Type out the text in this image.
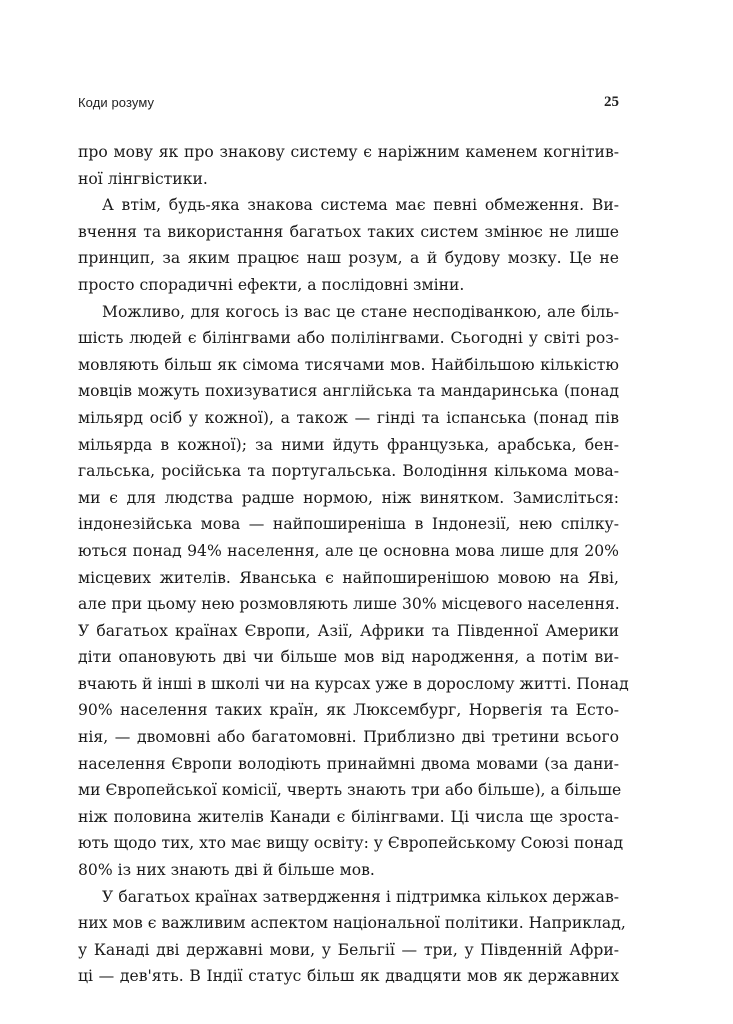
Коди розуму	25
про мову як про знакову систему є наріжним каменем когнітив-
ної лінгвістики.
А втім, будь-яка знакова система має певні обмеження. Ви-
вчення та використання багатьох таких систем змінює не лише
принцип, за яким працює наш розум, а й будову мозку. Це не
просто спорадичні ефекти, а послідовні зміни.
Можливо, для когось із вас це стане несподіванкою, але біль-
шість людей є білінгвами або полілінгвами. Сьогодні у світі роз-
мовляють більш як сімома тисячами мов. Найбільшою кількістю
мовців можуть похизуватися англійська та мандаринська (понад
мільярд осіб у кожної), а також — гінді та іспанська (понад пів
мільярда в кожної); за ними йдуть французька, арабська, бен-
гальська, російська та португальська. Володіння кількома мова-
ми є для людства радше нормою, ніж винятком. Замисліться:
індонезійська мова — найпоширеніша в Індонезії, нею спілку-
ються понад 94% населення, але це основна мова лише для 20%
місцевих жителів. Яванська є найпоширенішою мовою на Яві,
але при цьому нею розмовляють лише 30% місцевого населення.
У багатьох країнах Європи, Азії, Африки та Південної Америки
діти опановують дві чи більше мов від народження, а потім ви-
вчають й інші в школі чи на курсах уже в дорослому житті. Понад
90% населення таких країн, як Люксембург, Норвегія та Есто-
нія, — двомовні або багатомовні. Приблизно дві третини всього
населення Європи володіють принаймні двома мовами (за дани-
ми Європейської комісії, чверть знають три або більше), а більше
ніж половина жителів Канади є білінгвами. Ці числа ще зроста-
ють щодо тих, хто має вищу освіту: у Європейському Союзі понад
80% із них знають дві й більше мов.
У багатьох країнах затвердження і підтримка кількох держав-
них мов є важливим аспектом національної політики. Наприклад,
у Канаді дві державні мови, у Бельгії — три, у Південній Афри-
ці — дев'ять. В Індії статус більш як двадцяти мов як державних
